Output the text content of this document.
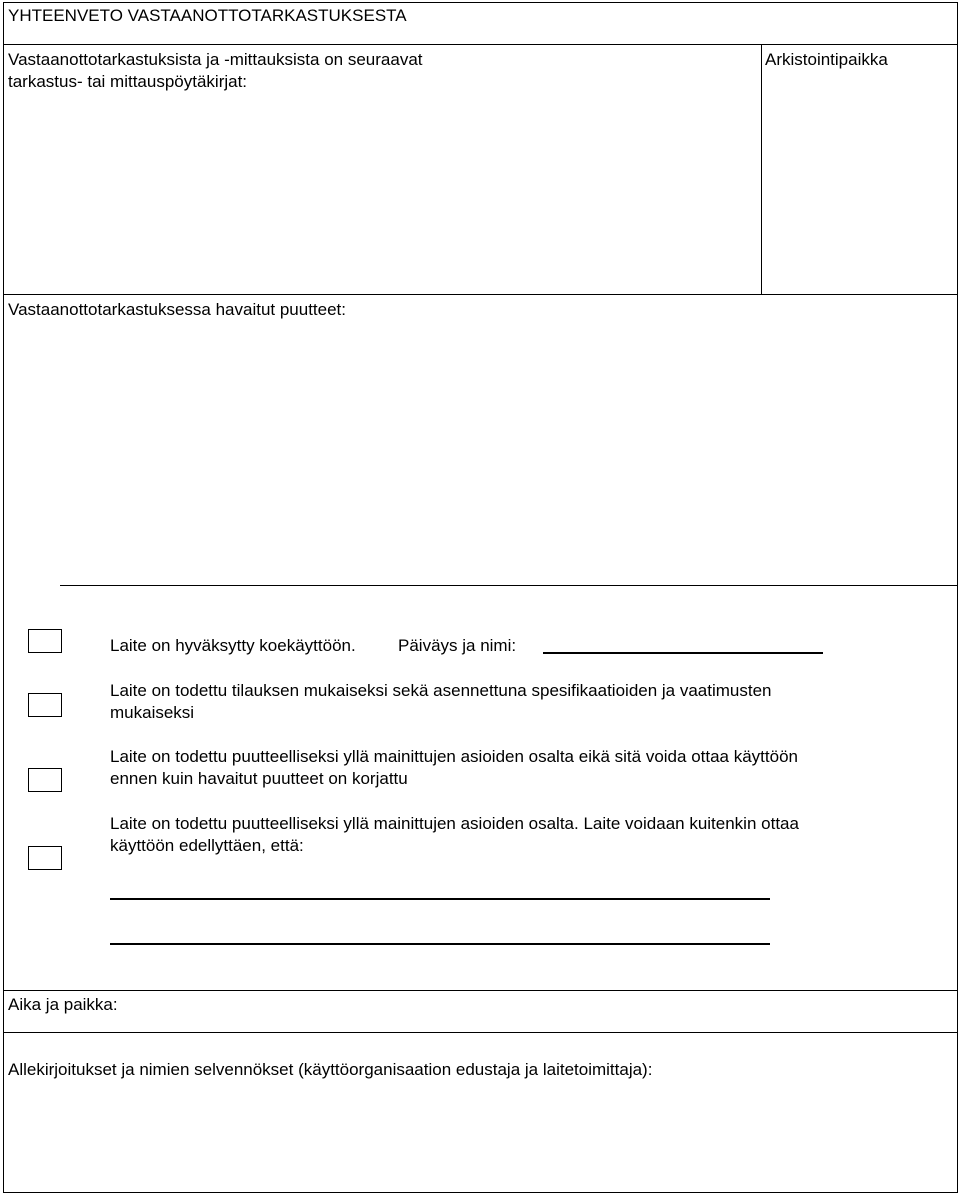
YHTEENVETO VASTAANOTTOTARKASTUKSESTA
Vastaanottotarkastuksista ja -mittauksista on seuraavat
tarkastus- tai mittauspöytäkirjat:
Arkistointipaikka
Vastaanottotarkastuksessa havaitut puutteet:
Laite on hyväksytty koekäyttöön. Päiväys ja nimi:
Laite on todettu tilauksen mukaiseksi sekä asennettuna spesifikaatioiden ja vaatimusten
mukaiseksi
Laite on todettu puutteelliseksi yllä mainittujen asioiden osalta eikä sitä voida ottaa käyttöön
ennen kuin havaitut puutteet on korjattu
Laite on todettu puutteelliseksi yllä mainittujen asioiden osalta. Laite voidaan kuitenkin ottaa
käyttöön edellyttäen, että:
Aika ja paikka:
Allekirjoitukset ja nimien selvennökset (käyttöorganisaation edustaja ja laitetoimittaja):
